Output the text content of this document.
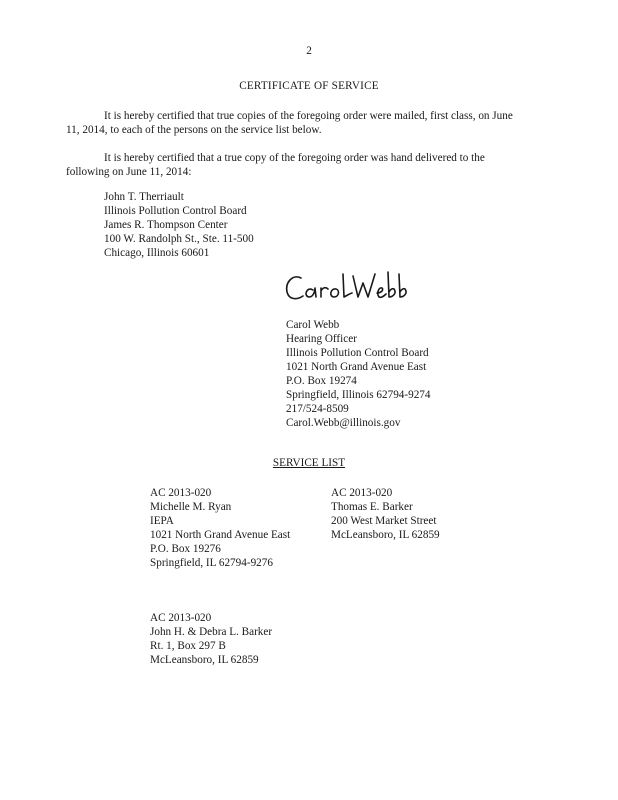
2
CERTIFICATE OF SERVICE
It is hereby certified that true copies of the foregoing order were mailed, first class, on June 11, 2014, to each of the persons on the service list below.
It is hereby certified that a true copy of the foregoing order was hand delivered to the following on June 11, 2014:
John T. Therriault
Illinois Pollution Control Board
James R. Thompson Center
100 W. Randolph St., Ste. 11-500
Chicago, Illinois 60601
Carol Webb
Hearing Officer
Illinois Pollution Control Board
1021 North Grand Avenue East
P.O. Box 19274
Springfield, Illinois 62794-9274
217/524-8509
Carol.Webb@illinois.gov
SERVICE LIST
AC 2013-020
Michelle M. Ryan
IEPA
1021 North Grand Avenue East
P.O. Box 19276
Springfield, IL 62794-9276
AC 2013-020
Thomas E. Barker
200 West Market Street
McLeansboro, IL 62859
AC 2013-020
John H. & Debra L. Barker
Rt. 1, Box 297 B
McLeansboro, IL 62859
